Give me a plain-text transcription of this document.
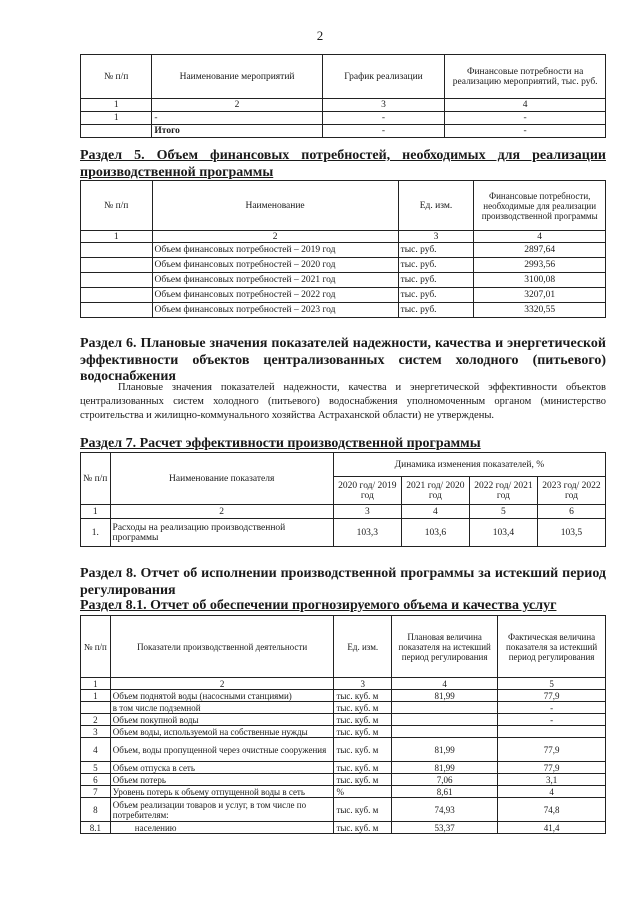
2
№ п/п	Наименование мероприятий	График реализации	Финансовые потребности на реализацию мероприятий, тыс. руб.
1	2	3	4
1	-	-	-
	Итого	-	-
Раздел 5. Объем финансовых потребностей, необходимых для реализации производственной программы
№ п/п	Наименование	Ед. изм.	Финансовые потребности, необходимые для реализации производственной программы
1	2	3	4
	Объем финансовых потребностей – 2019 год	тыс. руб.	2897,64
	Объем финансовых потребностей – 2020 год	тыс. руб.	2993,56
	Объем финансовых потребностей – 2021 год	тыс. руб.	3100,08
	Объем финансовых потребностей – 2022 год	тыс. руб.	3207,01
	Объем финансовых потребностей – 2023 год	тыс. руб.	3320,55
Раздел 6. Плановые значения показателей надежности, качества и энергетической эффективности объектов централизованных систем холодного (питьевого) водоснабжения
Плановые значения показателей надежности, качества и энергетической эффективности объектов централизованных систем холодного (питьевого) водоснабжения уполномоченным органом (министерство строительства и жилищно-коммунального хозяйства Астраханской области) не утверждены.
Раздел 7. Расчет эффективности производственной программы
№ п/п	Наименование показателя	Динамика изменения показателей, %			
		2020 год/ 2019 год	2021 год/ 2020 год	2022 год/ 2021 год	2023 год/ 2022 год
1	2	3	4	5	6
1.	Расходы на реализацию производственной программы	103,3	103,6	103,4	103,5
Раздел 8. Отчет об исполнении производственной программы за истекший период регулирования
Раздел 8.1. Отчет об обеспечении прогнозируемого объема и качества услуг
№ п/п	Показатели производственной деятельности	Ед. изм.	Плановая величина показателя на истекший период регулирования	Фактическая величина показателя за истекший период регулирования
1	2	3	4	5
1	Объем поднятой воды (насосными станциями)	тыс. куб. м	81,99	77,9
	в том числе подземной	тыс. куб. м		-
2	Объем покупной воды	тыс. куб. м		-
3	Объем воды, используемой на собственные нужды	тыс. куб. м		
4	Объем, воды пропущенной через очистные сооружения	тыс. куб. м	81,99	77,9
5	Объем отпуска в сеть	тыс. куб. м	81,99	77,9
6	Объем потерь	тыс. куб. м	7,06	3,1
7	Уровень потерь к объему отпущенной воды в сеть	%	8,61	4
8	Объем реализации товаров и услуг, в том числе по потребителям:	тыс. куб. м	74,93	74,8
8.1	населению	тыс. куб. м	53,37	41,4
